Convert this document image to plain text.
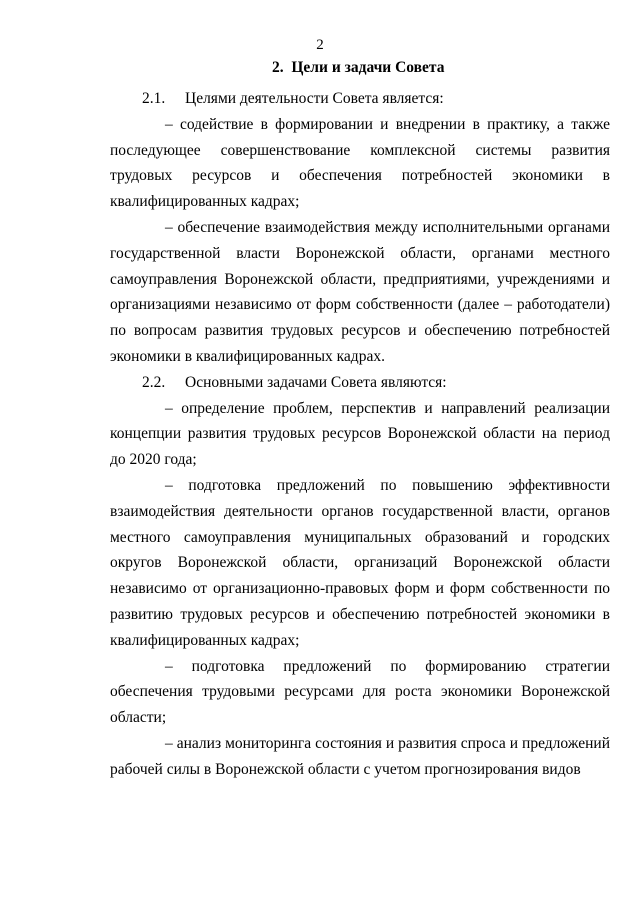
2
2. Цели и задачи Совета

2.1. Целями деятельности Совета является:

– содействие в формировании и внедрении в практику, а также последующее совершенствование комплексной системы развития трудовых ресурсов и обеспечения потребностей экономики в квалифицированных кадрах;

– обеспечение взаимодействия между исполнительными органами государственной власти Воронежской области, органами местного самоуправления Воронежской области, предприятиями, учреждениями и организациями независимо от форм собственности (далее – работодатели) по вопросам развития трудовых ресурсов и обеспечению потребностей экономики в квалифицированных кадрах.

2.2. Основными задачами Совета являются:

– определение проблем, перспектив и направлений реализации концепции развития трудовых ресурсов Воронежской области на период до 2020 года;

– подготовка предложений по повышению эффективности взаимодействия деятельности органов государственной власти, органов местного самоуправления муниципальных образований и городских округов Воронежской области, организаций Воронежской области независимо от организационно-правовых форм и форм собственности по развитию трудовых ресурсов и обеспечению потребностей экономики в квалифицированных кадрах;

– подготовка предложений по формированию стратегии обеспечения трудовыми ресурсами для роста экономики Воронежской области;

– анализ мониторинга состояния и развития спроса и предложений рабочей силы в Воронежской области с учетом прогнозирования видов
